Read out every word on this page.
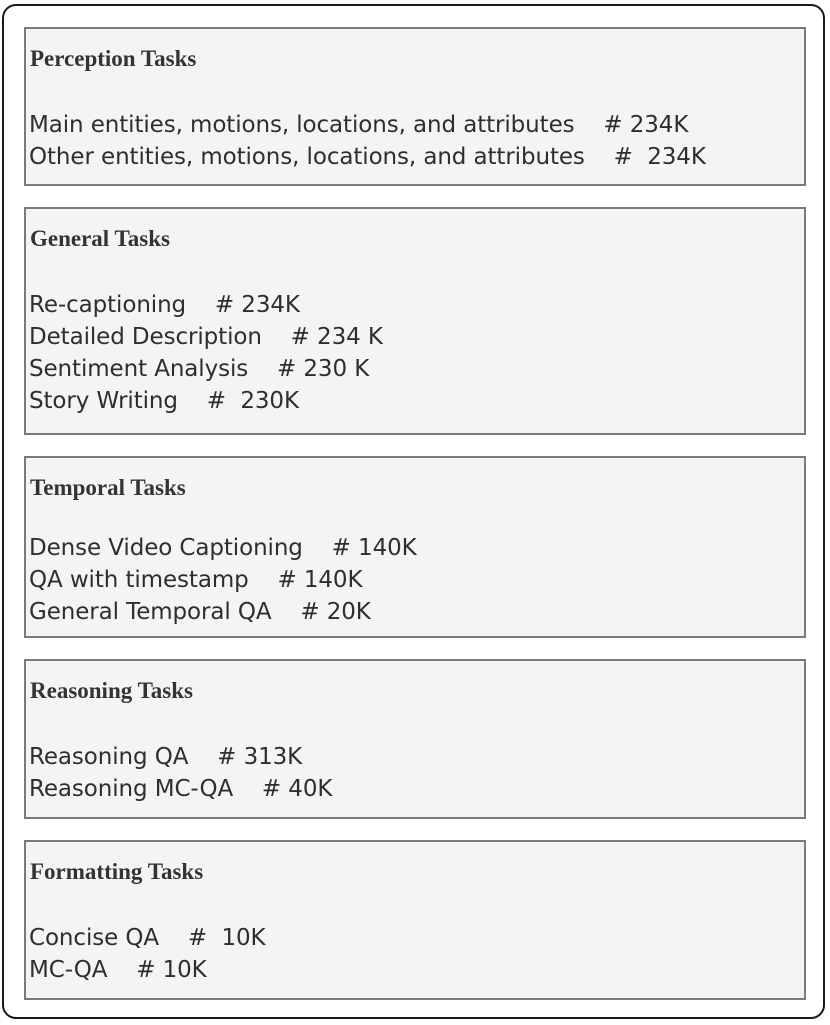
Perception Tasks
Main entities, motions, locations, and attributes    # 234K
Other entities, motions, locations, and attributes    #  234K
General Tasks
Re-captioning    # 234K
Detailed Description    # 234 K
Sentiment Analysis    # 230 K
Story Writing    #  230K
Temporal Tasks
Dense Video Captioning    # 140K
QA with timestamp    # 140K
General Temporal QA    # 20K
Reasoning Tasks
Reasoning QA    # 313K
Reasoning MC-QA    # 40K
Formatting Tasks
Concise QA    #  10K
MC-QA    # 10K
